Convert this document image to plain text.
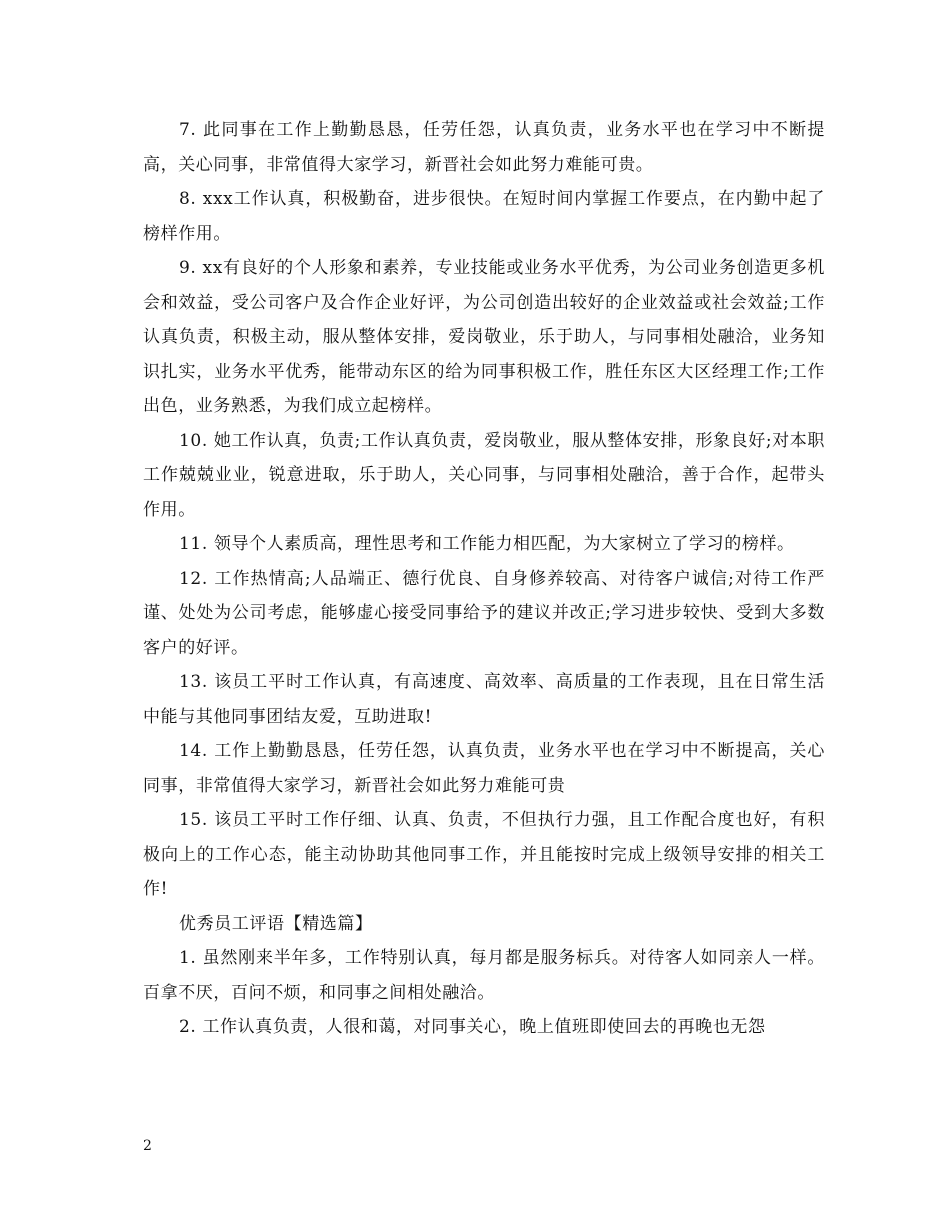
7. 此同事在工作上勤勤恳恳，任劳任怨，认真负责，业务水平也在学习中不断提高，关心同事，非常值得大家学习，新晋社会如此努力难能可贵。

8. xxx工作认真，积极勤奋，进步很快。在短时间内掌握工作要点，在内勤中起了榜样作用。

9. xx有良好的个人形象和素养，专业技能或业务水平优秀，为公司业务创造更多机会和效益，受公司客户及合作企业好评，为公司创造出较好的企业效益或社会效益;工作认真负责，积极主动，服从整体安排，爱岗敬业，乐于助人，与同事相处融洽，业务知识扎实，业务水平优秀，能带动东区的给为同事积极工作，胜任东区大区经理工作;工作出色，业务熟悉，为我们成立起榜样。

10. 她工作认真，负责;工作认真负责，爱岗敬业，服从整体安排，形象良好;对本职工作兢兢业业，锐意进取，乐于助人，关心同事，与同事相处融洽，善于合作，起带头作用。

11. 领导个人素质高，理性思考和工作能力相匹配，为大家树立了学习的榜样。

12. 工作热情高;人品端正、德行优良、自身修养较高、对待客户诚信;对待工作严谨、处处为公司考虑，能够虚心接受同事给予的建议并改正;学习进步较快、受到大多数客户的好评。

13. 该员工平时工作认真，有高速度、高效率、高质量的工作表现，且在日常生活中能与其他同事团结友爱，互助进取!

14. 工作上勤勤恳恳，任劳任怨，认真负责，业务水平也在学习中不断提高，关心同事，非常值得大家学习，新晋社会如此努力难能可贵

15. 该员工平时工作仔细、认真、负责，不但执行力强，且工作配合度也好，有积极向上的工作心态，能主动协助其他同事工作，并且能按时完成上级领导安排的相关工作!

优秀员工评语【精选篇】

1. 虽然刚来半年多，工作特别认真，每月都是服务标兵。对待客人如同亲人一样。百拿不厌，百问不烦，和同事之间相处融洽。

2. 工作认真负责，人很和蔼，对同事关心，晚上值班即使回去的再晚也无怨

2
